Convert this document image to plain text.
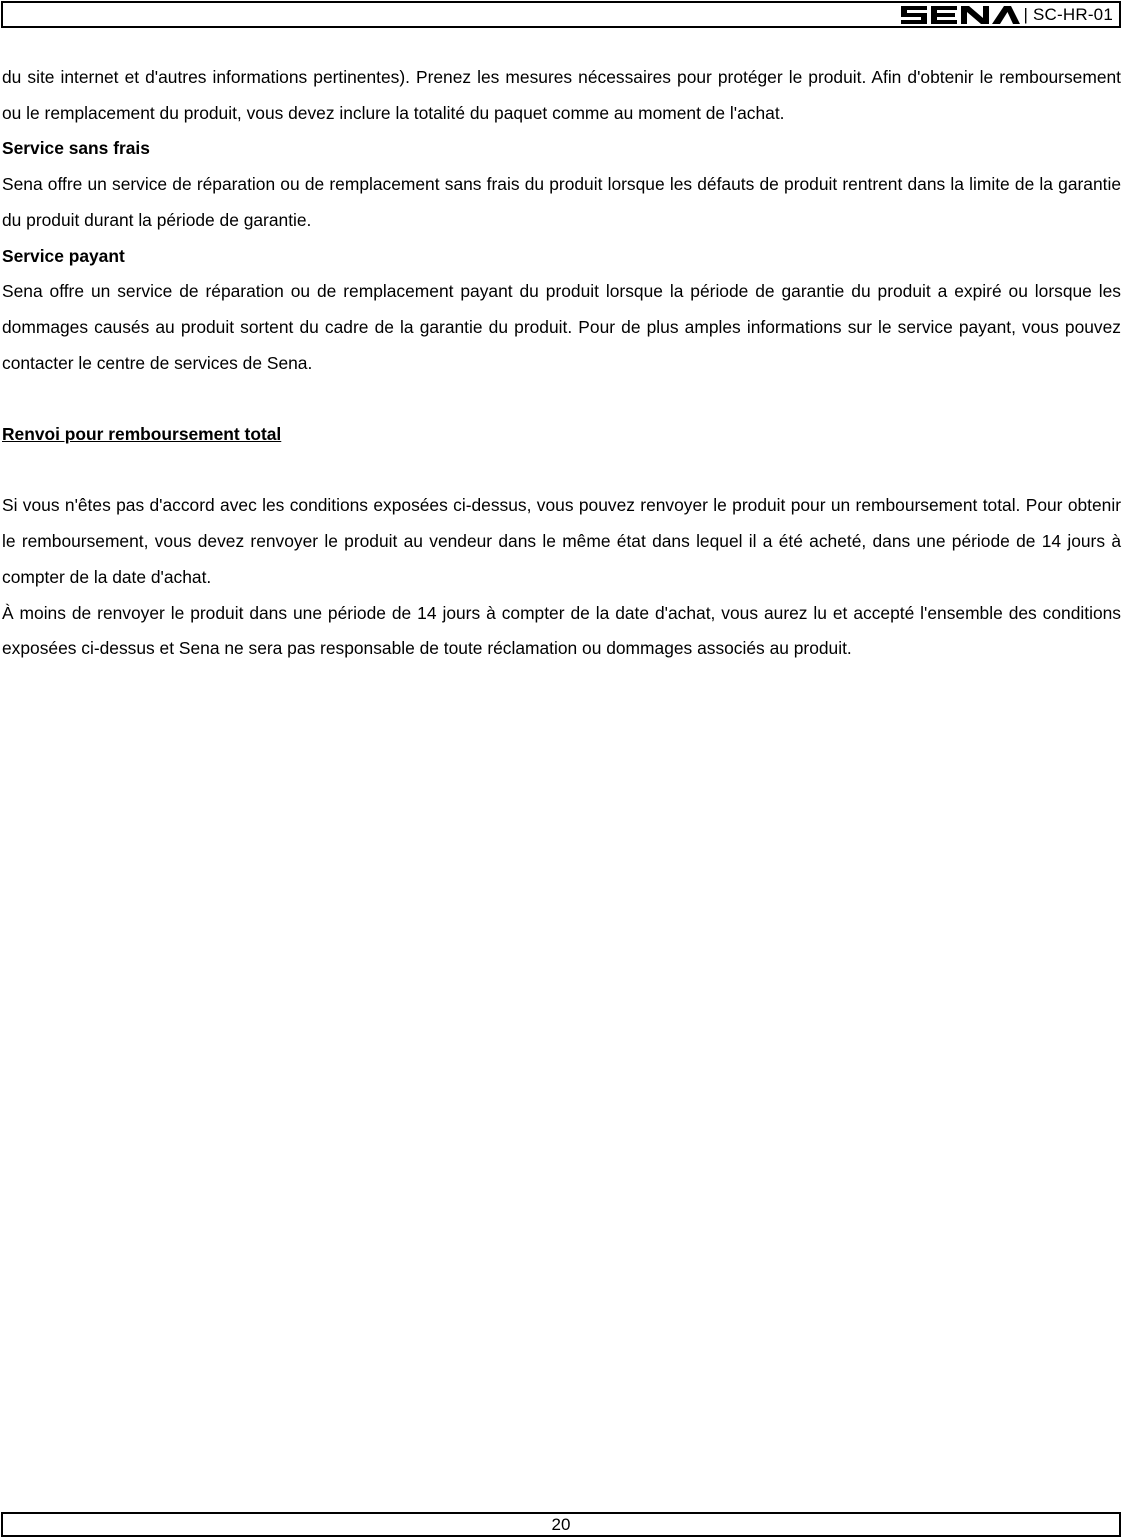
| SC-HR-01

du site internet et d'autres informations pertinentes). Prenez les mesures nécessaires pour protéger le produit. Afin d'obtenir le remboursement ou le remplacement du produit, vous devez inclure la totalité du paquet comme au moment de l'achat.

Service sans frais

Sena offre un service de réparation ou de remplacement sans frais du produit lorsque les défauts de produit rentrent dans la limite de la garantie du produit durant la période de garantie.

Service payant

Sena offre un service de réparation ou de remplacement payant du produit lorsque la période de garantie du produit a expiré ou lorsque les dommages causés au produit sortent du cadre de la garantie du produit. Pour de plus amples informations sur le service payant, vous pouvez contacter le centre de services de Sena.

Renvoi pour remboursement total

Si vous n'êtes pas d'accord avec les conditions exposées ci-dessus, vous pouvez renvoyer le produit pour un remboursement total. Pour obtenir le remboursement, vous devez renvoyer le produit au vendeur dans le même état dans lequel il a été acheté, dans une période de 14 jours à compter de la date d'achat.

À moins de renvoyer le produit dans une période de 14 jours à compter de la date d'achat, vous aurez lu et accepté l'ensemble des conditions exposées ci-dessus et Sena ne sera pas responsable de toute réclamation ou dommages associés au produit.

20
